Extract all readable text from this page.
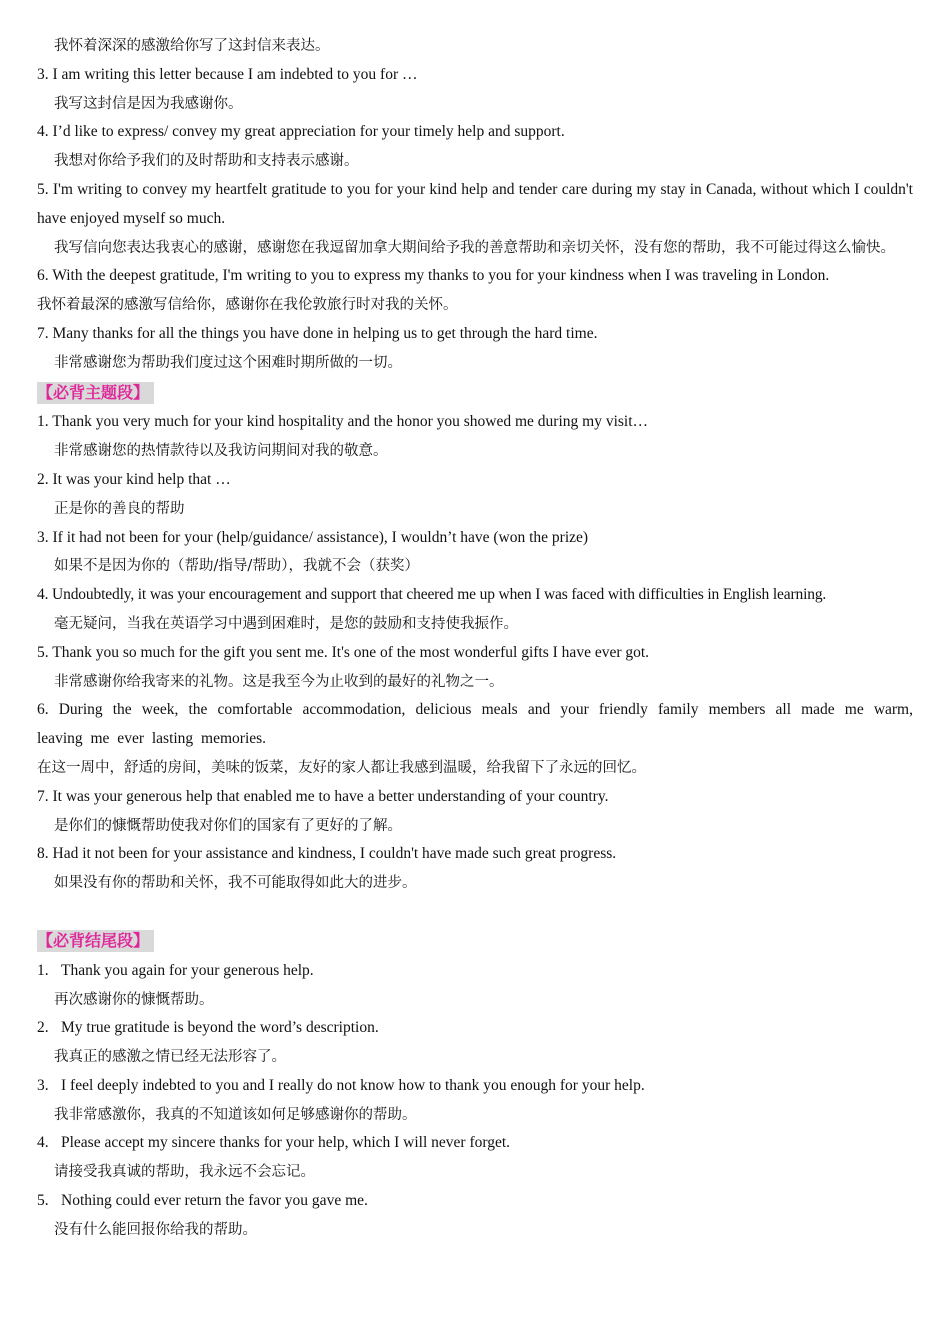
我怀着深深的感激给你写了这封信来表达。
3. I am writing this letter because I am indebted to you for …
我写这封信是因为我感谢你。
4. I’d like to express/ convey my great appreciation for your timely help and support.
我想对你给予我们的及时帮助和支持表示感谢。
5. I'm writing to convey my heartfelt gratitude to you for your kind help and tender care during my stay in Canada, without which I couldn't have enjoyed myself so much.
我写信向您表达我衷心的感谢，感谢您在我逗留加拿大期间给予我的善意帮助和亲切关怀，没有您的帮助，我不可能过得这么愉快。
6. With the deepest gratitude, I'm writing to you to express my thanks to you for your kindness when I was traveling in London.
我怀着最深的感激写信给你，感谢你在我伦敦旅行时对我的关怀。
7. Many thanks for all the things you have done in helping us to get through the hard time.
非常感谢您为帮助我们度过这个困难时期所做的一切。
【必背主题段】
1. Thank you very much for your kind hospitality and the honor you showed me during my visit…
非常感谢您的热情款待以及我访问期间对我的敬意。
2. It was your kind help that …
正是你的善良的帮助
3. If it had not been for your (help/guidance/ assistance), I wouldn’t have (won the prize)
如果不是因为你的（帮助/指导/帮助），我就不会（获奖）
4. Undoubtedly, it was your encouragement and support that cheered me up when I was faced with difficulties in English learning.
毫无疑问，当我在英语学习中遇到困难时，是您的鼓励和支持使我振作。
5. Thank you so much for the gift you sent me. It's one of the most wonderful gifts I have ever got.
非常感谢你给我寄来的礼物。这是我至今为止收到的最好的礼物之一。
6. During the week, the comfortable accommodation, delicious meals and your friendly family members all made me warm, leaving me ever lasting memories.
在这一周中，舒适的房间，美味的饭菜，友好的家人都让我感到温暖，给我留下了永远的回忆。
7. It was your generous help that enabled me to have a better understanding of your country.
是你们的慷慨帮助使我对你们的国家有了更好的了解。
8. Had it not been for your assistance and kindness, I couldn't have made such great progress.
如果没有你的帮助和关怀，我不可能取得如此大的进步。
【必背结尾段】
1. Thank you again for your generous help.
再次感谢你的慷慨帮助。
2. My true gratitude is beyond the word’s description.
我真正的感激之情已经无法形容了。
3. I feel deeply indebted to you and I really do not know how to thank you enough for your help.
我非常感激你，我真的不知道该如何足够感谢你的帮助。
4. Please accept my sincere thanks for your help, which I will never forget.
请接受我真诚的帮助，我永远不会忘记。
5. Nothing could ever return the favor you gave me.
没有什么能回报你给我的帮助。
